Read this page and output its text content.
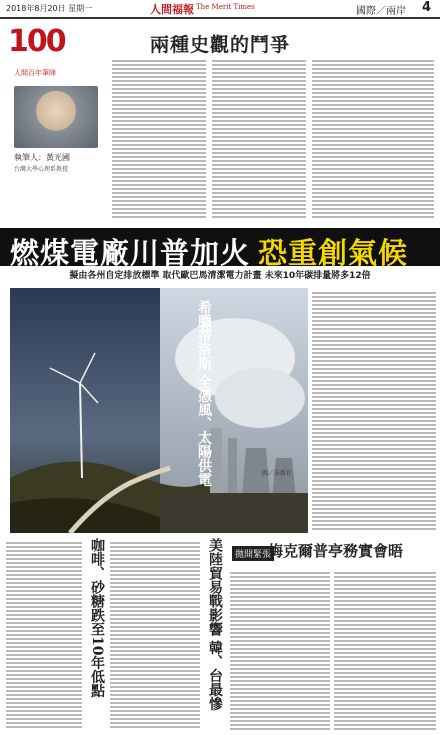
2018年8月20日 星期一	人間福報 The Merit Times	國際／兩岸 4
100
人間百年筆陣
執筆人：黃光國
台灣大學心理系教授
兩種史觀的鬥爭
燃煤電廠川普加火 恐重創氣候
擬由各州自定排放標準 取代歐巴馬清潔電力計畫 未來10年碳排量將多12倍
希臘蒂洛斯 全憑風、太陽供電	圖／法新社
咖啡、砂糖跌至10年低點	美陸貿易戰影響 韓、台最慘	拋開緊張
梅克爾普亭務實會晤
